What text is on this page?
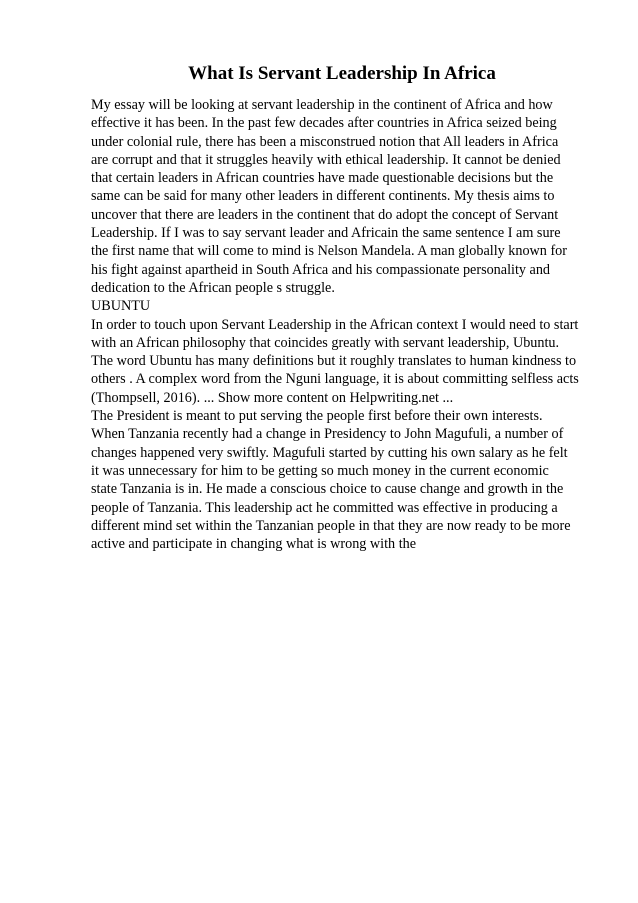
What Is Servant Leadership In Africa
My essay will be looking at servant leadership in the continent of Africa and how
effective it has been. In the past few decades after countries in Africa seized being
under colonial rule, there has been a misconstrued notion that All leaders in Africa
are corrupt and that it struggles heavily with ethical leadership. It cannot be denied
that certain leaders in African countries have made questionable decisions but the
same can be said for many other leaders in different continents. My thesis aims to
uncover that there are leaders in the continent that do adopt the concept of Servant
Leadership. If I was to say servant leader and Africain the same sentence I am sure
the first name that will come to mind is Nelson Mandela. A man globally known for
his fight against apartheid in South Africa and his compassionate personality and
dedication to the African people s struggle.
UBUNTU
In order to touch upon Servant Leadership in the African context I would need to start
with an African philosophy that coincides greatly with servant leadership, Ubuntu.
The word Ubuntu has many definitions but it roughly translates to human kindness to
others . A complex word from the Nguni language, it is about committing selfless acts
(Thompsell, 2016). ... Show more content on Helpwriting.net ...
The President is meant to put serving the people first before their own interests.
When Tanzania recently had a change in Presidency to John Magufuli, a number of
changes happened very swiftly. Magufuli started by cutting his own salary as he felt
it was unnecessary for him to be getting so much money in the current economic
state Tanzania is in. He made a conscious choice to cause change and growth in the
people of Tanzania. This leadership act he committed was effective in producing a
different mind set within the Tanzanian people in that they are now ready to be more
active and participate in changing what is wrong with the
